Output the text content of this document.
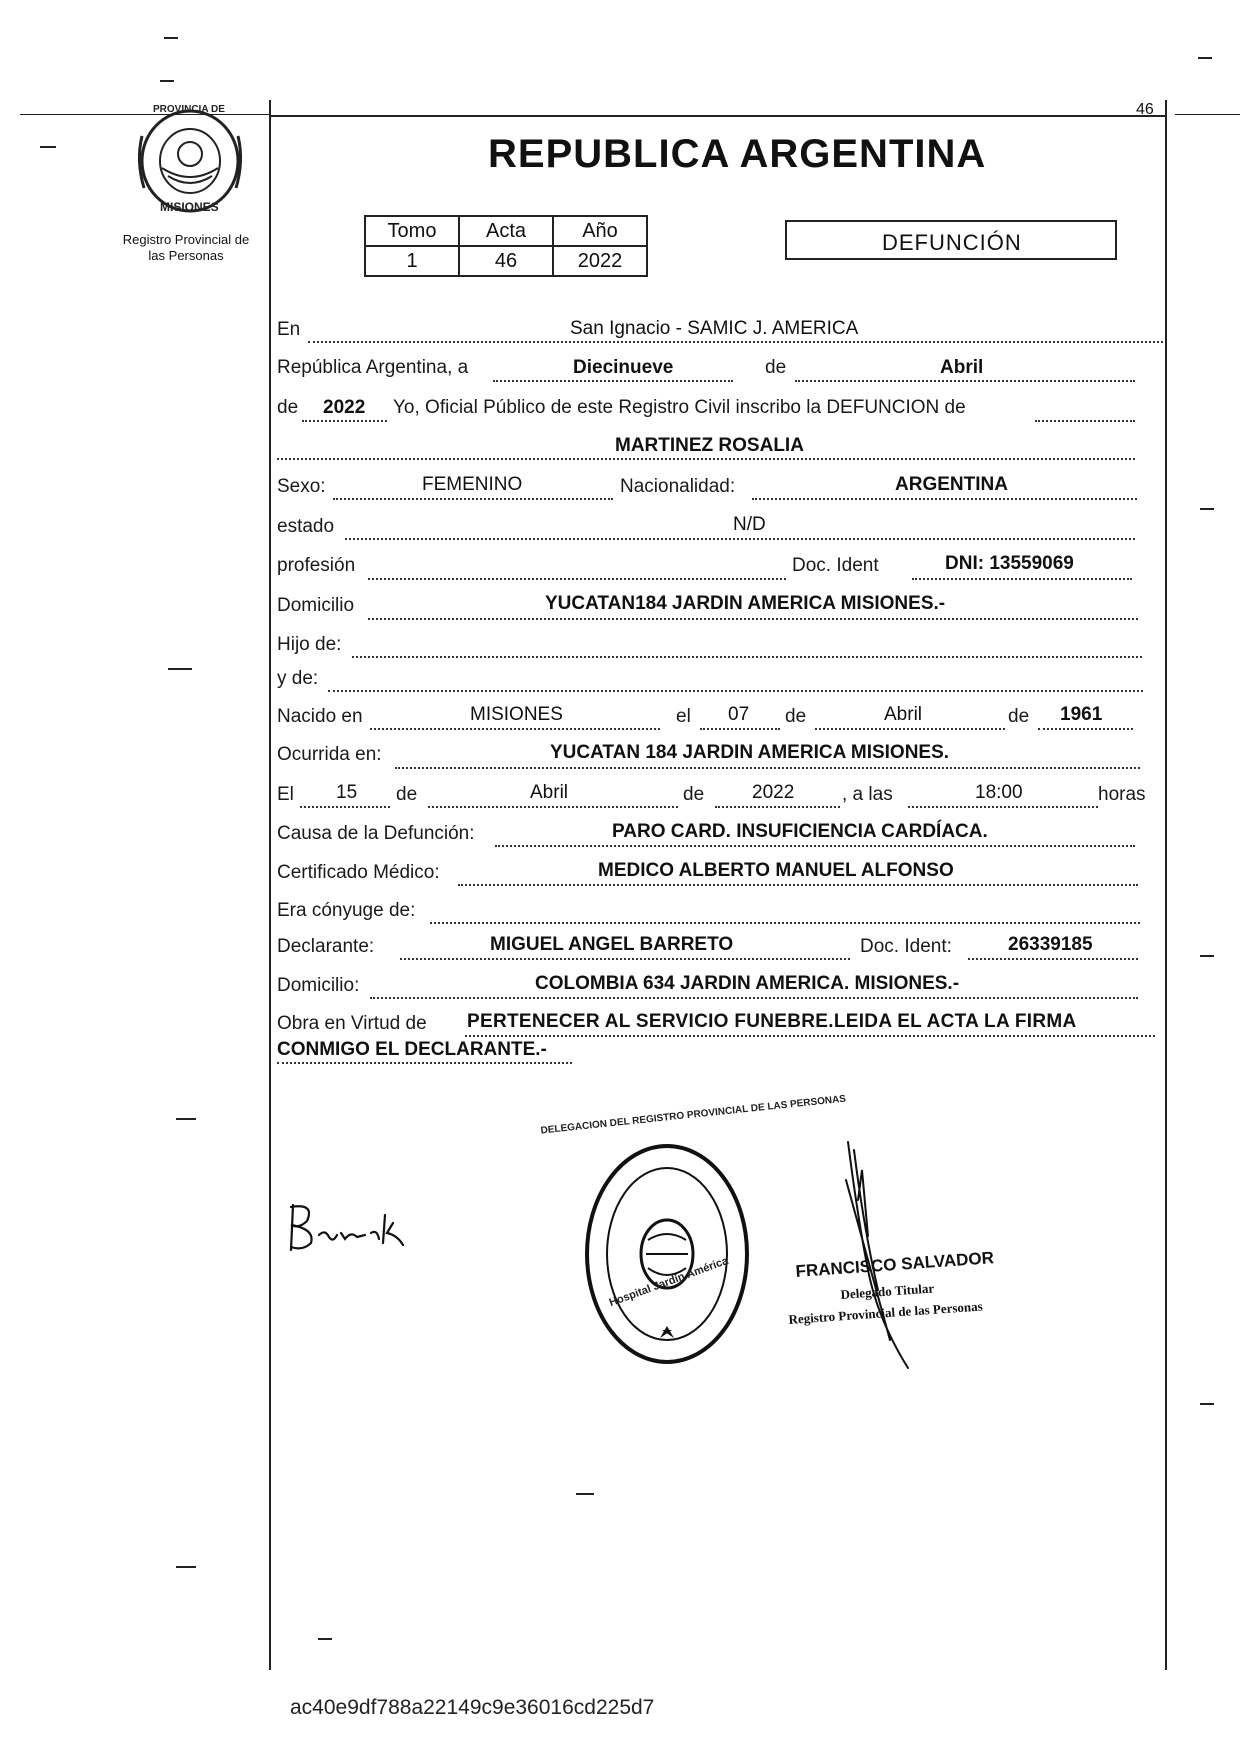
46
PROVINCIA DE
MISIONES
Registro Provincial de
las Personas
REPUBLICA ARGENTINA
Tomo	Acta	Año
1	46	2022
DEFUNCIÓN
En	San Ignacio - SAMIC J. AMERICA
República Argentina, a	Diecinueve	de	Abril
de 2022 Yo, Oficial Público de este Registro Civil inscribo la DEFUNCION de
MARTINEZ ROSALIA
Sexo:	FEMENINO	Nacionalidad:	ARGENTINA
estado	N/D
profesión	Doc. Ident	DNI: 13559069
Domicilio	YUCATAN184 JARDIN AMERICA MISIONES.-
Hijo de:
y de:
Nacido en	MISIONES	el 07 de	Abril	de 1961
Ocurrida en:	YUCATAN 184 JARDIN AMERICA MISIONES.
El 15 de	Abril	de	2022	, a las	18:00	horas
Causa de la Defunción:	PARO CARD. INSUFICIENCIA CARDÍACA.
Certificado Médico:	MEDICO ALBERTO MANUEL ALFONSO
Era cónyuge de:
Declarante:	MIGUEL ANGEL BARRETO	Doc. Ident:	26339185
Domicilio:	COLOMBIA 634 JARDIN AMERICA. MISIONES.-
Obra en Virtud de PERTENECER AL SERVICIO FUNEBRE.LEIDA EL ACTA LA FIRMA
CONMIGO EL DECLARANTE.-
DELEGACION DEL REGISTRO PROVINCIAL DE LAS PERSONAS
Hospital Jardín América	FRANCISCO SALVADOR
Delegado Titular
Registro Provincial de las Personas
ac40e9df788a22149c9e36016cd225d7
